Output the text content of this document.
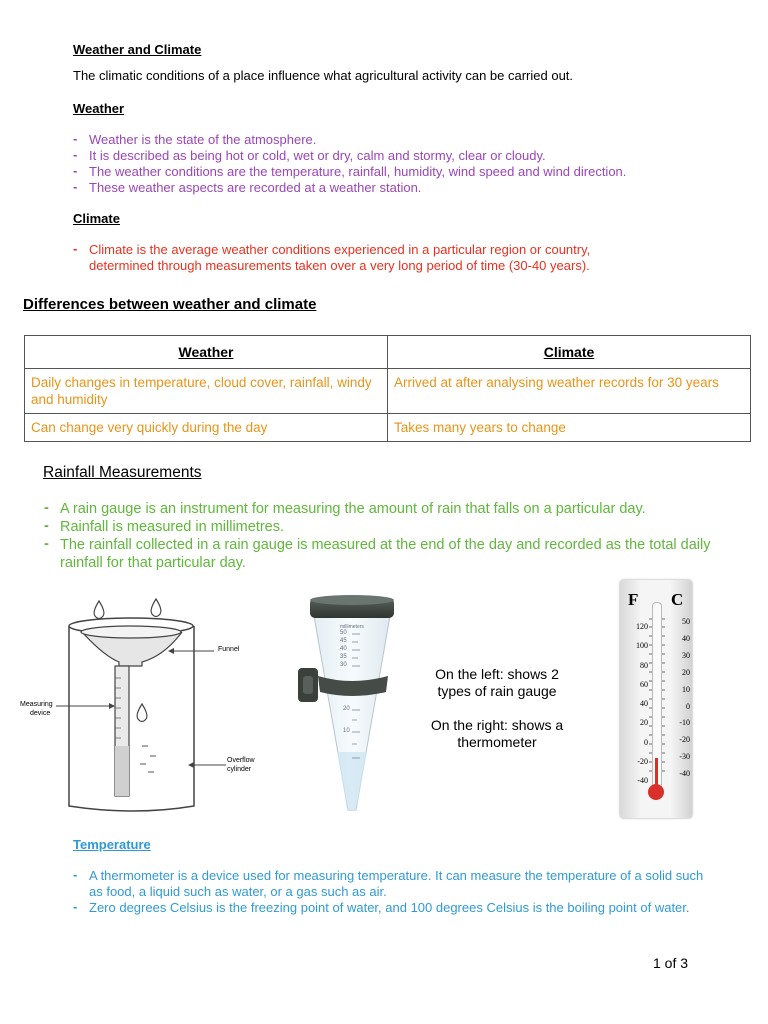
Weather and Climate
The climatic conditions of a place influence what agricultural activity can be carried out.
Weather
- Weather is the state of the atmosphere.
- It is described as being hot or cold, wet or dry, calm and stormy, clear or cloudy.
- The weather conditions are the temperature, rainfall, humidity, wind speed and wind direction.
- These weather aspects are recorded at a weather station.
Climate
- Climate is the average weather conditions experienced in a particular region or country, determined through measurements taken over a very long period of time (30-40 years).
Differences between weather and climate
Weather	Climate
Daily changes in temperature, cloud cover, rainfall, windy and humidity	Arrived at after analysing weather records for 30 years
Can change very quickly during the day	Takes many years to change
Rainfall Measurements
- A rain gauge is an instrument for measuring the amount of rain that falls on a particular day.
- Rainfall is measured in millimetres.
- The rainfall collected in a rain gauge is measured at the end of the day and recorded as the total daily rainfall for that particular day.
Funnel
Measuring
device
Overflow
cylinder
millimeters
50
45
40
35
30
20
10
On the left: shows 2
types of rain gauge
On the right: shows a
thermometer
F C
120
100
80
60
40
20
0
-20
-40
50
40
30
20
10
0
-10
-20
-30
-40
Temperature
- A thermometer is a device used for measuring temperature. It can measure the temperature of a solid such as food, a liquid such as water, or a gas such as air.
- Zero degrees Celsius is the freezing point of water, and 100 degrees Celsius is the boiling point of water.
1 of 3
